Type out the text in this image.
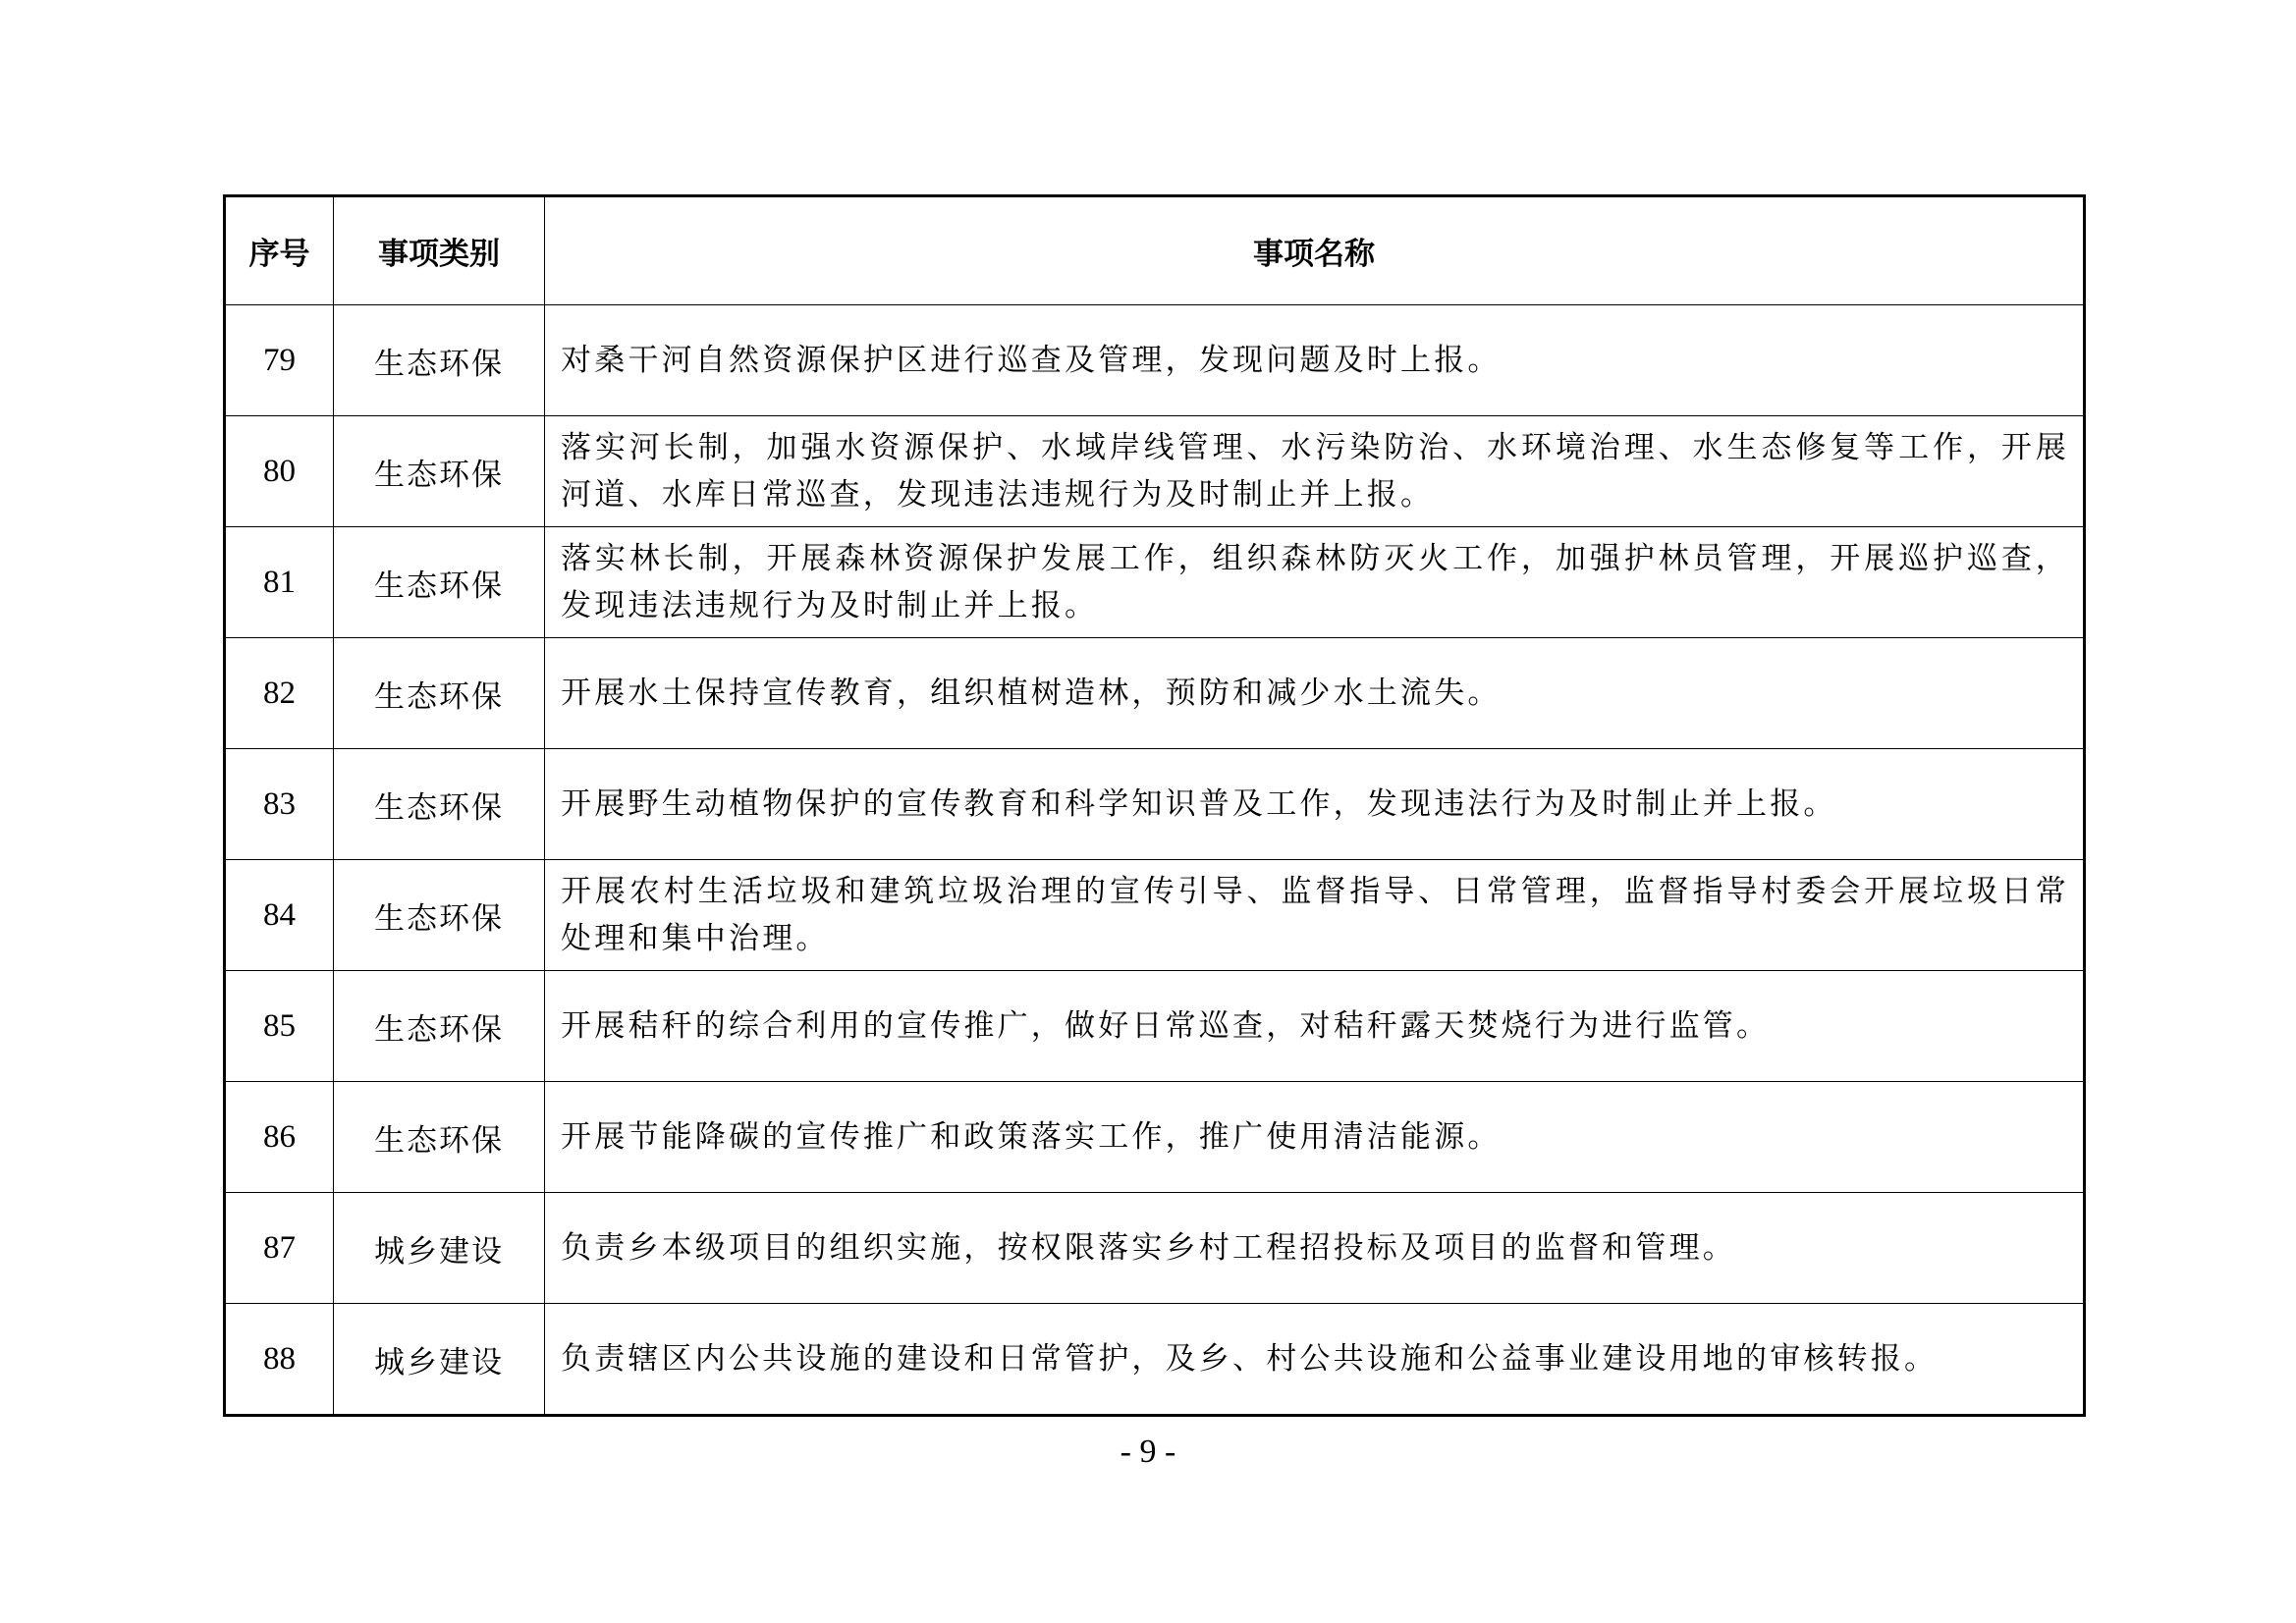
序号	事项类别	事项名称
79	生态环保	对桑干河自然资源保护区进行巡查及管理，发现问题及时上报。
80	生态环保	落实河长制，加强水资源保护、水域岸线管理、水污染防治、水环境治理、水生态修复等工作，开展河道、水库日常巡查，发现违法违规行为及时制止并上报。
81	生态环保	落实林长制，开展森林资源保护发展工作，组织森林防灭火工作，加强护林员管理，开展巡护巡查，发现违法违规行为及时制止并上报。
82	生态环保	开展水土保持宣传教育，组织植树造林，预防和减少水土流失。
83	生态环保	开展野生动植物保护的宣传教育和科学知识普及工作，发现违法行为及时制止并上报。
84	生态环保	开展农村生活垃圾和建筑垃圾治理的宣传引导、监督指导、日常管理，监督指导村委会开展垃圾日常处理和集中治理。
85	生态环保	开展秸秆的综合利用的宣传推广，做好日常巡查，对秸秆露天焚烧行为进行监管。
86	生态环保	开展节能降碳的宣传推广和政策落实工作，推广使用清洁能源。
87	城乡建设	负责乡本级项目的组织实施，按权限落实乡村工程招投标及项目的监督和管理。
88	城乡建设	负责辖区内公共设施的建设和日常管护，及乡、村公共设施和公益事业建设用地的审核转报。
- 9 -
